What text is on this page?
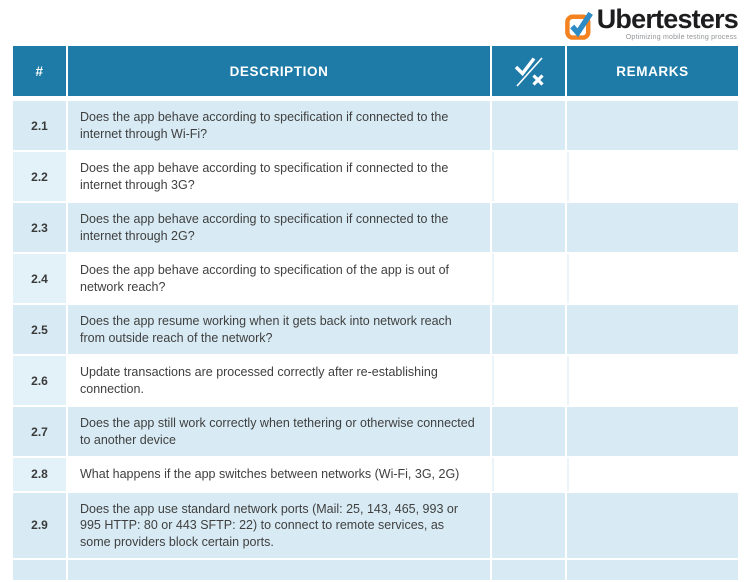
Ubertesters
Optimizing mobile testing process
#	DESCRIPTION		REMARKS
2.1	Does the app behave according to specification if connected to the internet through Wi-Fi?		
2.2	Does the app behave according to specification if connected to the internet through 3G?		
2.3	Does the app behave according to specification if connected to the internet through 2G?		
2.4	Does the app behave according to specification of the app is out of network reach?		
2.5	Does the app resume working when it gets back into network reach from outside reach of the network?		
2.6	Update transactions are processed correctly after re-establishing connection.		
2.7	Does the app still work correctly when tethering or otherwise connected to another device		
2.8	What happens if the app switches between networks (Wi-Fi, 3G, 2G)		
2.9	Does the app use standard network ports (Mail: 25, 143, 465, 993 or 995 HTTP: 80 or 443 SFTP: 22) to connect to remote services, as some providers block certain ports.		
